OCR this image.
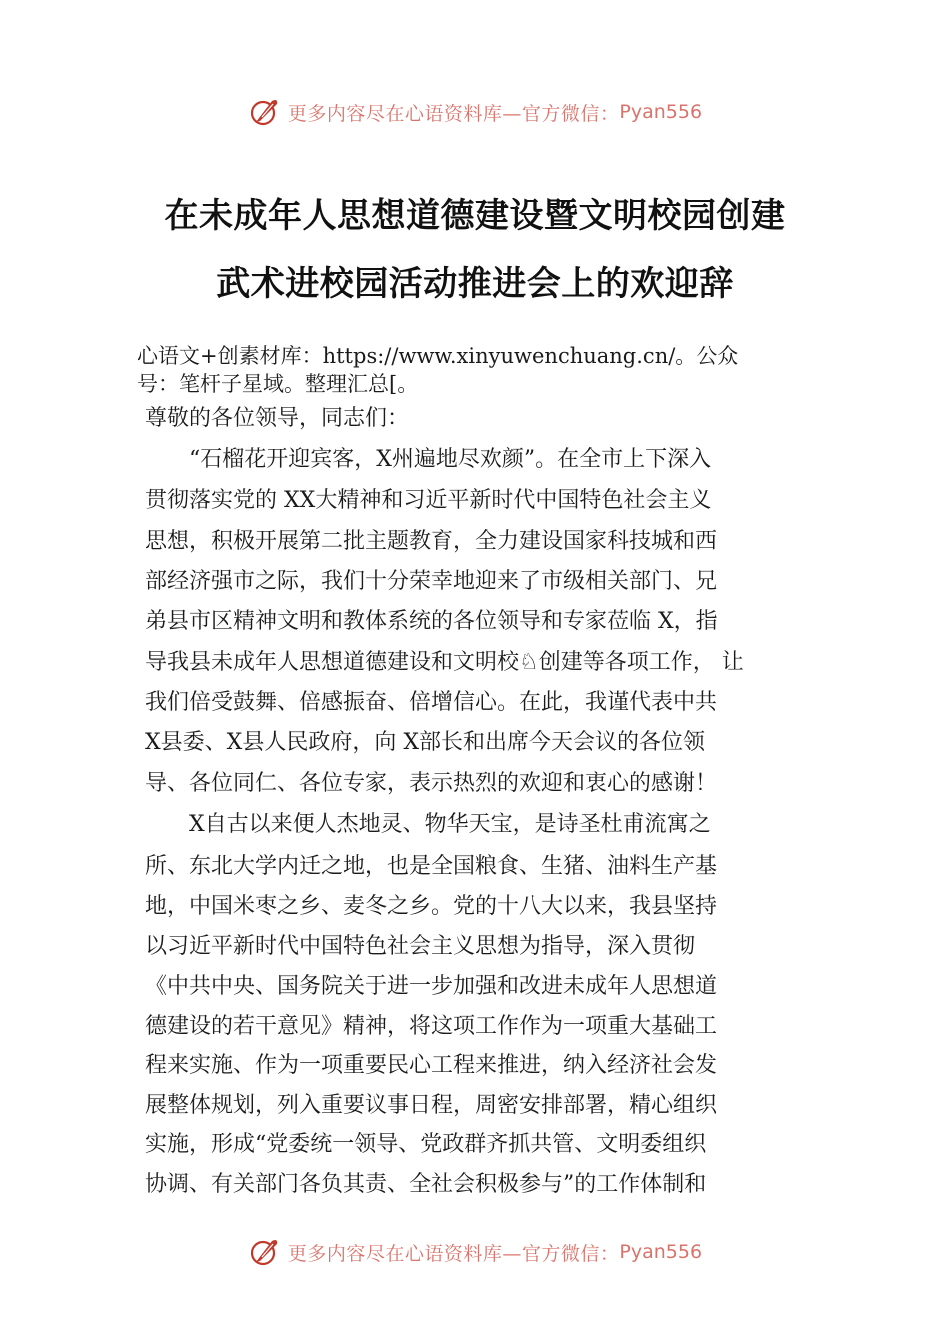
更多内容尽在心语资料库—官方微信： Pyan556
在未成年人思想道德建设暨文明校园创建
武术进校园活动推进会上的欢迎辞
心语文+创素材库：https://www.xinyuwenchuang.cn/。公众
号：笔杆子星域。整理汇总[。
尊敬的各位领导，同志们：
　　“石榴花开迎宾客，X州遍地尽欢颜”。在全市上下深入
贯彻落实党的 XX大精神和习近平新时代中国特色社会主义
思想，积极开展第二批主题教育，全力建设国家科技城和西
部经济强市之际，我们十分荣幸地迎来了市级相关部门、兄
弟县市区精神文明和教体系统的各位领导和专家莅临 X，指
导我县未成年人思想道德建设和文明校♘创建等各项工作， 让
我们倍受鼓舞、倍感振奋、倍增信心。在此，我谨代表中共
X县委、X县人民政府，向 X部长和出席今天会议的各位领
导、各位同仁、各位专家，表示热烈的欢迎和衷心的感谢！
　　X自古以来便人杰地灵、物华天宝，是诗圣杜甫流寓之
所、东北大学内迁之地，也是全国粮食、生猪、油料生产基
地，中国米枣之乡、麦冬之乡。党的十八大以来，我县坚持
以习近平新时代中国特色社会主义思想为指导，深入贯彻
《中共中央、国务院关于进一步加强和改进未成年人思想道
德建设的若干意见》精神，将这项工作作为一项重大基础工
程来实施、作为一项重要民心工程来推进，纳入经济社会发
展整体规划，列入重要议事日程，周密安排部署，精心组织
实施，形成“党委统一领导、党政群齐抓共管、文明委组织
协调、有关部门各负其责、全社会积极参与”的工作体制和
更多内容尽在心语资料库—官方微信： Pyan556
